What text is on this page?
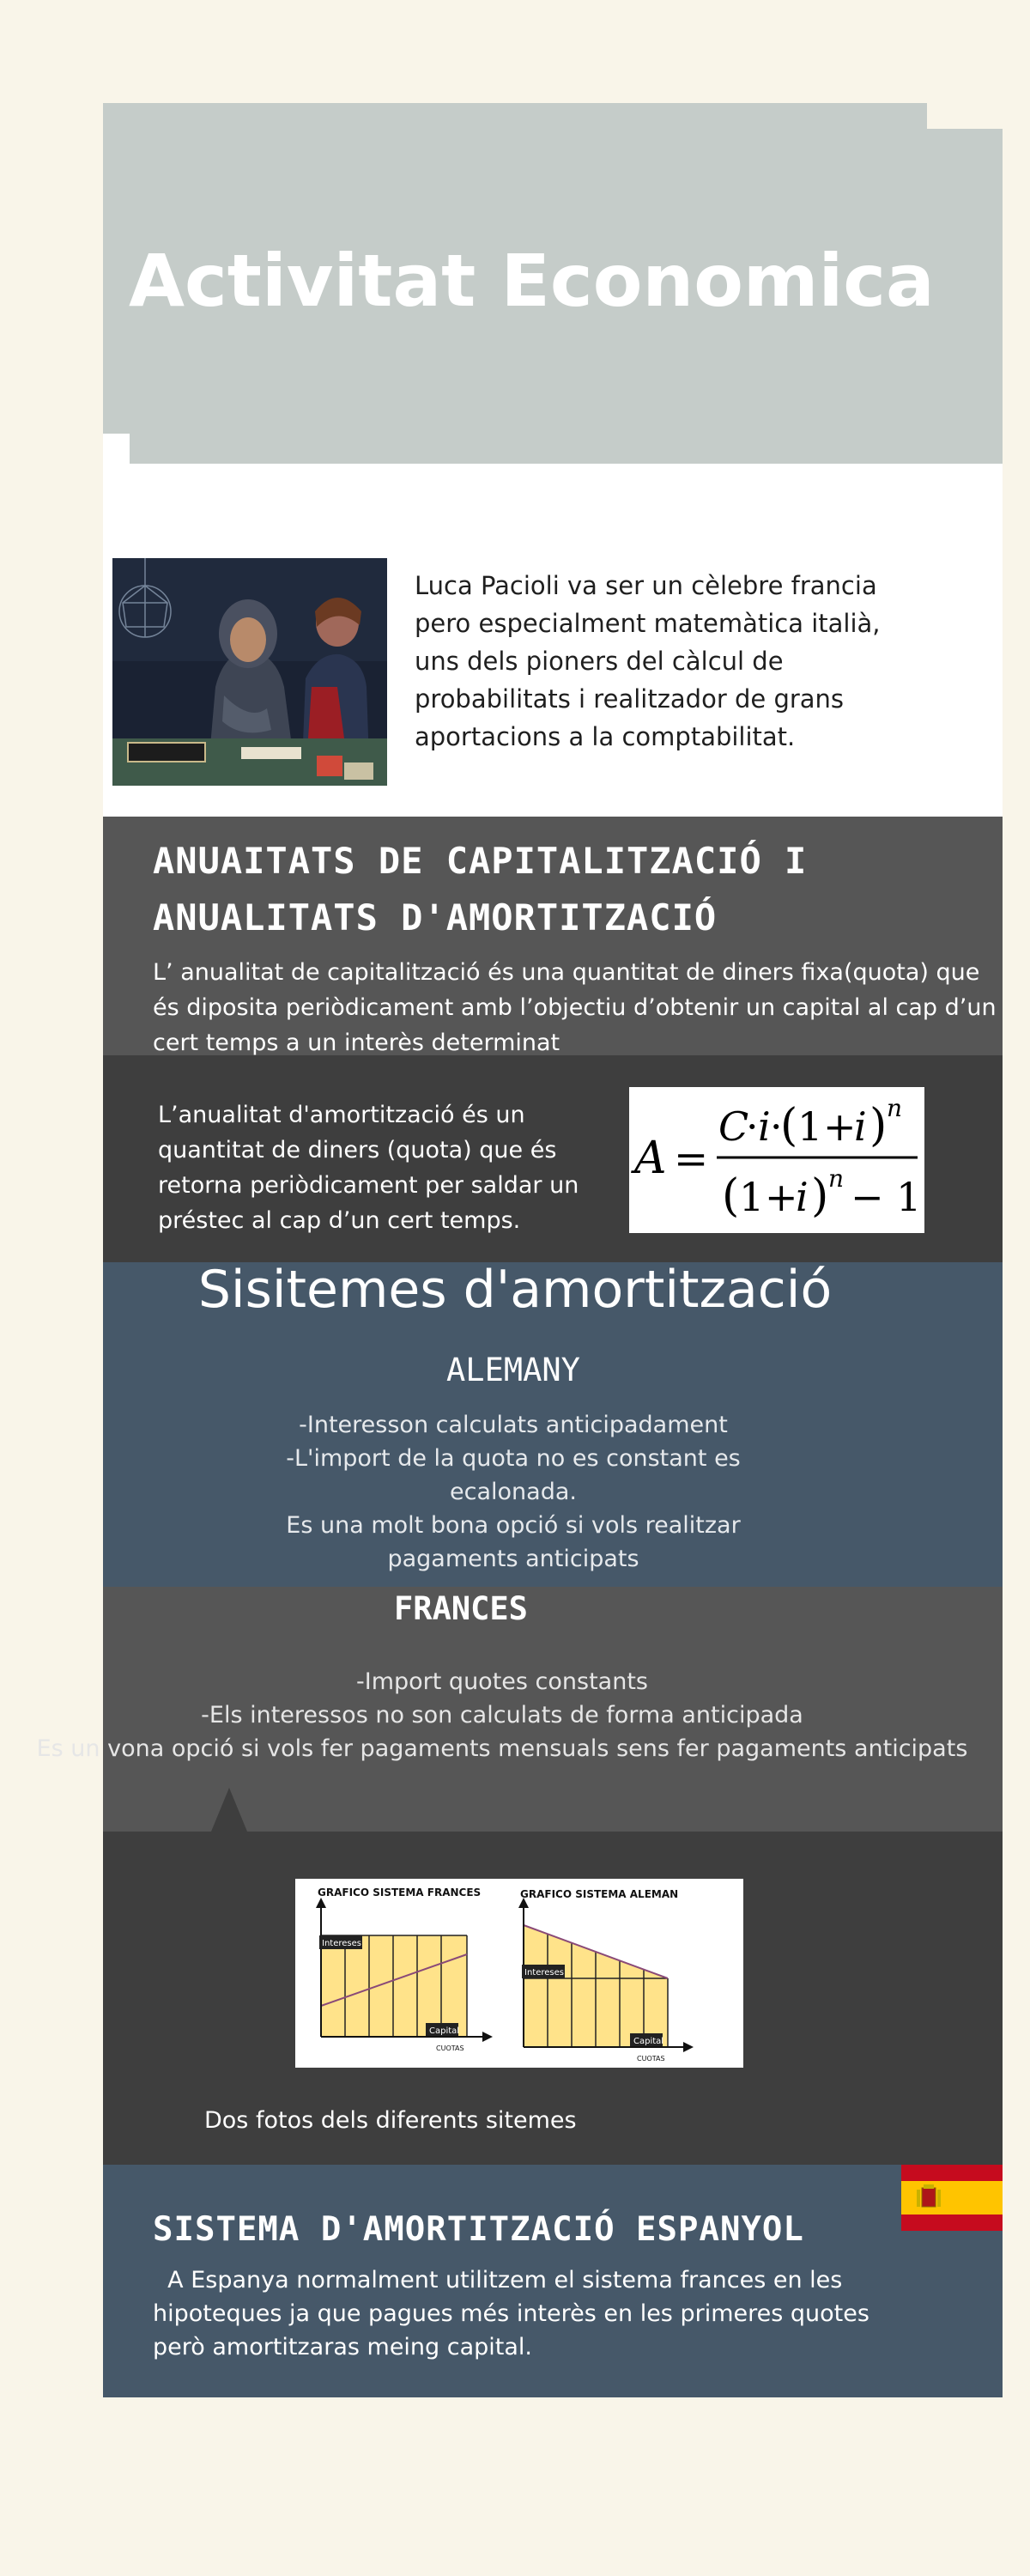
Activitat Economica
Luca Pacioli va ser un cèlebre francia pero especialment matemàtica italià, uns dels pioners del càlcul de probabilitats i realitzador de grans aportacions a la comptabilitat.
ANUAITATS DE CAPITALITZACIÓ I ANUALITATS D'AMORTITZACIÓ
L’ anualitat de capitalització és una quantitat de diners fixa(quota) que és diposita periòdicament amb l’objectiu d’obtenir un capital al cap d’un cert temps a un interès determinat
L’anualitat d'amortització és un quantitat de diners (quota) que és retorna periòdicament per saldar un préstec al cap d’un cert temps.
A =
C
· i ·
( 1 +
i ) n
( 1 +
i ) n − 1
Sisitemes d'amortització
ALEMANY
-Interesson calculats anticipadament
-L'import de la quota no es constant es
ecalonada.
Es una molt bona opció si vols realitzar
pagaments anticipats
FRANCES
-Import quotes constants
-Els interessos no son calculats de forma anticipada
Es un vona opció si vols fer pagaments mensuals sens fer pagaments anticipats
GRAFICO SISTEMA FRANCES
Intereses
Capital
CUOTAS
GRAFICO SISTEMA ALEMAN
Intereses
Capital
CUOTAS
Dos fotos dels diferents sitemes
SISTEMA D'AMORTITZACIÓ ESPANYOL
A Espanya normalment utilitzem el sistema frances en les hipoteques ja que pagues més interès en les primeres quotes però amortitzaras meing capital.
